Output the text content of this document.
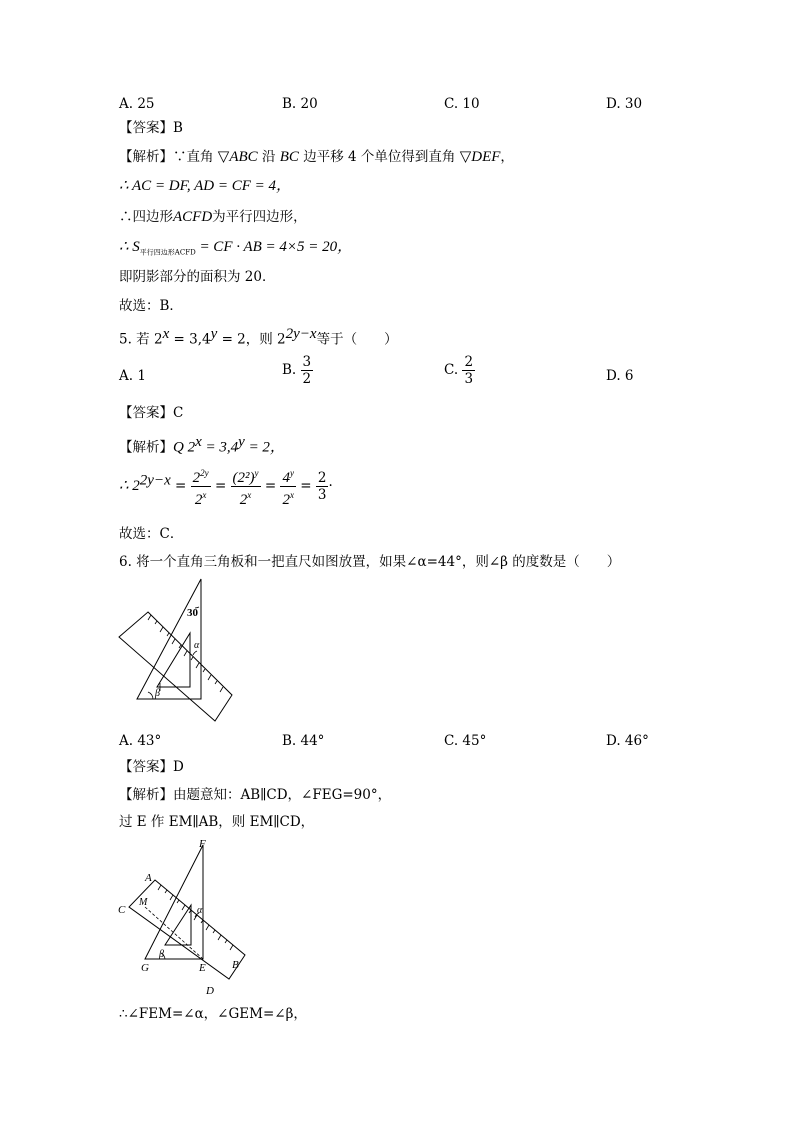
A. 25	B. 20	C. 10	D. 30
【答案】B
【解析】∵直角 ▽ABC 沿 BC 边平移 4 个单位得到直角 ▽DEF，
∴ AC = DF, AD = CF = 4，
∴四边形ACFD为平行四边形，
∴ $S_{平行四边形ACFD}$ = CF · AB = 4×5 = 20，
即阴影部分的面积为 20．
故选：B．
5. 若 $2^x = 3,4^y = 2$，则 $2^{2y-x}$等于（　　）
A. 1	B. $\frac{3}{2}$	C. $\frac{2}{3}$	D. 6
【答案】C
【解析】Q $2^x = 3,4^y = 2$，
∴ $2^{2y-x} = \frac{2^{2y}}{2^x} = \frac{(2^2)^y}{2^x} = \frac{4^y}{2^x} = \frac{2}{3}$ ·
故选：C．
6. 将一个直角三角板和一把直尺如图放置，如果∠α=44°，则∠β 的度数是（　　）
30
α
β
A. 43°	B. 44°	C. 45°	D. 46°
【答案】D
【解析】由题意知：AB∥CD，∠FEG=90°，
过 E 作 EM∥AB，则 EM∥CD，
F
A
C
M
α
β
G	E B
D
∴∠FEM=∠α，∠GEM=∠β，
